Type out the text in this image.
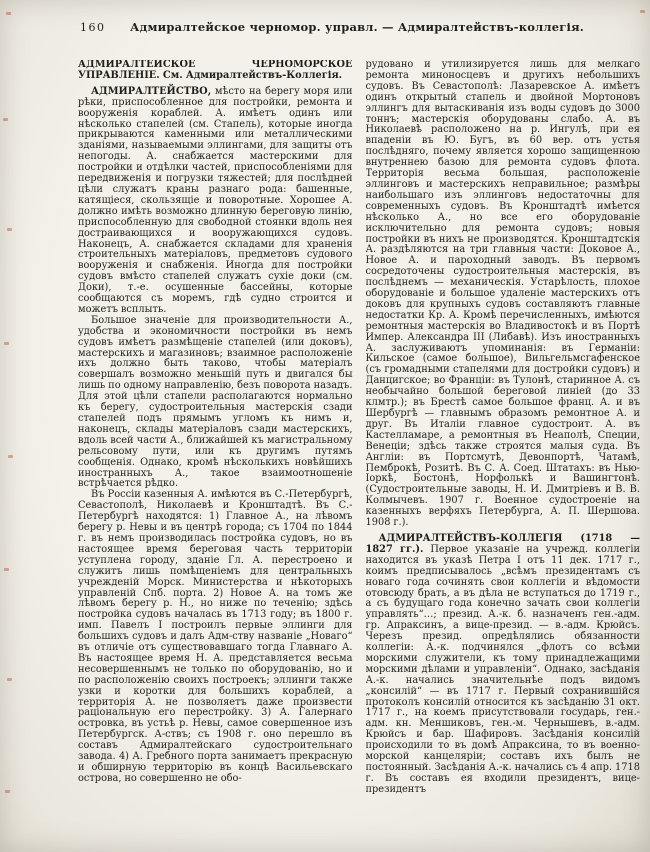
160	Адмиралтейское черномор. управл. — Адмиралтействъ-коллегія.

АДМИРАЛТЕЙСКОЕ ЧЕРНОМОРСКОЕ УПРАВЛЕНІЕ. См. Адмиралтействъ-Коллегія.

АДМИРАЛТЕЙСТВО, мѣсто на берегу моря или рѣки, приспособленное для постройки, ремонта и вооруженія кораблей. А. имѣетъ одинъ или нѣсколько стапелей (см. Стапель), которые иногда прикрываются каменными или металлическими зданіями, называемыми эллингами, для защиты отъ непогоды. А. снабжается мастерскими для постройки и отдѣлки частей, приспособленіями для передвиженія и погрузки тяжестей; для послѣдней цѣли служатъ краны разнаго рода: башенные, катящіеся, скользящіе и поворотные. Хорошее А. должно имѣть возможно длинную береговую линію, приспособленную для свободной стоянки вдоль нея достраивающихся и вооружающихся судовъ. Наконецъ, А. снабжается складами для храненія строительныхъ матеріаловъ, предметовъ судового вооруженія и снабженія. Иногда для постройки судовъ вмѣсто стапелей служатъ сухіе доки (см. Доки), т.-е. осушенные бассейны, которые сообщаются съ моремъ, гдѣ судно строится и можетъ всплыть.

Большое значеніе для производительности А., удобства и экономичности постройки въ немъ судовъ имѣетъ размѣщеніе стапелей (или доковъ), мастерскихъ и магазиновъ; взаимное расположеніе ихъ должно быть таково, чтобы матеріалъ совершалъ возможно меньшій путь и двигался бы лишь по одному направленію, безъ поворота назадъ. Для этой цѣли стапели располагаются нормально къ берегу, судостроительныя мастерскія сзади стапелей подъ прямымъ угломъ къ нимъ и, наконецъ, склады матеріаловъ сзади мастерскихъ, вдоль всей части А., ближайшей къ магистральному рельсовому пути, или къ другимъ путямъ сообщенія. Однако, кромѣ нѣсколькихъ новѣйшихъ иностранныхъ А., такое взаимоотношеніе встрѣчается рѣдко.

Въ Россіи казенныя А. имѣются въ С.-Петербургѣ, Севастополѣ, Николаевѣ и Кронштадтѣ. Въ С.-Петербургѣ находятся: 1) Главное А., на лѣвомъ берегу р. Невы и въ центрѣ города; съ 1704 по 1844 г. въ немъ производилась постройка судовъ, но въ настоящее время береговая часть территоріи уступлена городу, зданіе Гл. А. перестроено и служитъ лишь помѣщеніемъ для центральныхъ учрежденій Морск. Министерства и нѣкоторыхъ управленій Спб. порта. 2) Новое А. на томъ же лѣвомъ берегу р. Н., но ниже по теченію; здѣсь постройка судовъ началась въ 1713 году; въ 1800 г. имп. Павелъ I построилъ первые эллинги для большихъ судовъ и далъ Адм-ству названіе „Новаго“ въ отличіе отъ существовавшаго тогда Главнаго А. Въ настоящее время Н. А. представляется весьма несовершеннымъ не только по оборудованію, но и по расположенію своихъ построекъ; эллинги также узки и коротки для большихъ кораблей, а территорія А. не позволяетъ даже произвести раціональную его перестройку. 3) А. Галернаго островка, въ устьѣ р. Невы, самое совершенное изъ Петербургск. А-ствъ; съ 1908 г. оно перешло въ составъ Адмиралтейскаго судостроительнаго завода. 4) А. Гребного порта занимаетъ прекрасную и обширную территорію въ концѣ Васильевскаго острова, но совершенно не обо-

рудовано и утилизируется лишь для мелкаго ремонта миноносцевъ и другихъ небольшихъ судовъ. Въ Севастополѣ: Лазаревское А. имѣетъ одинъ открытый стапель и двойной Мортоновъ эллингъ для вытаскиванія изъ воды судовъ до 3000 тоннъ; мастерскія оборудованы слабо. А. въ Николаевѣ расположено на р. Ингулѣ, при ея впаденіи въ Ю. Бугъ, въ 60 вер. отъ устья послѣдняго, почему является хорошо защищенною внутреннею базою для ремонта судовъ флота. Территорія весьма большая, расположеніе эллинговъ и мастерскихъ неправильное; размѣры наибольшаго изъ эллинговъ недостаточны для современныхъ судовъ. Въ Кронштадтѣ имѣется нѣсколько А., но все его оборудованіе исключительно для ремонта судовъ; новыя постройки въ нихъ не производятся. Кронштадтскія А. раздѣляются на три главныя части: Доковое А., Новое А. и пароходный заводъ. Въ первомъ сосредоточены судостроительныя мастерскія, въ послѣднемъ — механическія. Устарѣлость, плохое оборудованіе и большое удаленіе мастерскихъ отъ доковъ для крупныхъ судовъ составляютъ главные недостатки Кр. А. Кромѣ перечисленныхъ, имѣются ремонтныя мастерскія во Владивостокѣ и въ Портѣ Импер. Александра III (Либавѣ). Изъ иностранныхъ А. заслуживаютъ упоминанія: въ Германіи: Кильское (самое большое), Вильгельмсгафенское (съ громадными стапелями для достройки судовъ) и Данцигское; во Франціи: въ Тулонѣ, старинное А. съ необычайно большой береговой линіей (до 33 клмтр.); въ Брестѣ самое большое франц. А. и въ Шербургѣ — главнымъ образомъ ремонтное А. и друг. Въ Италіи главное судостроит. А. въ Кастелламаре, а ремонтныя въ Неаполѣ, Специи, Венеціи; здѣсь также строятся малыя суда. Въ Англіи: въ Портсмутѣ, Девонпортѣ, Чатамѣ, Пемброкѣ, Розитѣ. Въ С. А. Соед. Штатахъ: въ Нью-Іоркѣ, Бостонѣ, Норфолькѣ и Вашингтонѣ. (Судостроительные заводы, Н. И. Дмитріевъ и В. В. Колмычевъ. 1907 г. Военное судостроеніе на казенныхъ верфяхъ Петербурга, А. П. Шершова. 1908 г.).

АДМИРАЛТЕЙСТВЪ-КОЛЛЕГІЯ (1718 — 1827 гг.). Первое указаніе на учрежд. коллегіи находится въ указѣ Петра I отъ 11 дек. 1717 г., коимъ предписывалось „всѣмъ президентамъ съ новаго года сочинять свои коллегіи и вѣдомости отовсюду брать, а въ дѣла не вступаться до 1719 г., а съ будущаго года конечно зачать свои коллегіи управлять“…; презид. А.-к. б. назначенъ ген.-адм. гр. Апраксинъ, а вице-презид. — в.-адм. Крюйсъ. Черезъ презид. опредѣлялись обязанности коллегіи: А.-к. подчинялся „флотъ со всѣми морскими служители, къ тому принадлежащими морскими дѣлами и управленіи“. Однако, засѣданія А.-к. начались значительнѣе подъ видомъ „консилій“ — въ 1717 г. Первый сохранившійся протоколъ консилій относится къ засѣданію 31 окт. 1717 г., на коемъ присутствовали государь, ген.-адм. кн. Меншиковъ, ген.-м. Чернышевъ, в.-адм. Крюйсъ и бар. Шафировъ. Засѣданія консилій происходили то въ домѣ Апраксина, то въ военно-морской канцеляріи; составъ ихъ былъ не постоянный. Засѣданія А.-к. начались съ 4 апр. 1718 г. Въ составъ ея входили президентъ, вице-президентъ
